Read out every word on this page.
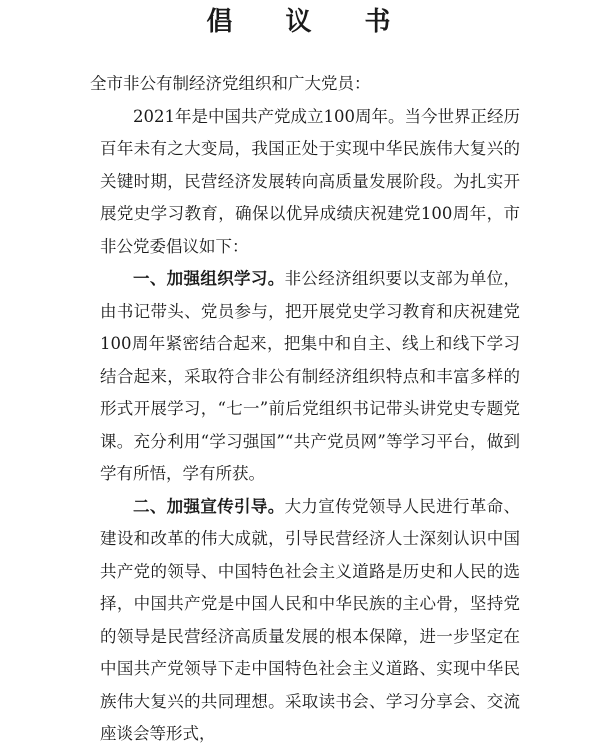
倡 议 书

全市非公有制经济党组织和广大党员：

2021年是中国共产党成立100周年。当今世界正经历百年未有之大变局，我国正处于实现中华民族伟大复兴的关键时期，民营经济发展转向高质量发展阶段。为扎实开展党史学习教育，确保以优异成绩庆祝建党100周年，市非公党委倡议如下：

一、加强组织学习。非公经济组织要以支部为单位，由书记带头、党员参与，把开展党史学习教育和庆祝建党100周年紧密结合起来，把集中和自主、线上和线下学习结合起来，采取符合非公有制经济组织特点和丰富多样的形式开展学习，“七一”前后党组织书记带头讲党史专题党课。充分利用“学习强国”“共产党员网”等学习平台，做到学有所悟，学有所获。

二、加强宣传引导。大力宣传党领导人民进行革命、建设和改革的伟大成就，引导民营经济人士深刻认识中国共产党的领导、中国特色社会主义道路是历史和人民的选择，中国共产党是中国人民和中华民族的主心骨，坚持党的领导是民营经济高质量发展的根本保障，进一步坚定在中国共产党领导下走中国特色社会主义道路、实现中华民族伟大复兴的共同理想。采取读书会、学习分享会、交流座谈会等形式，
